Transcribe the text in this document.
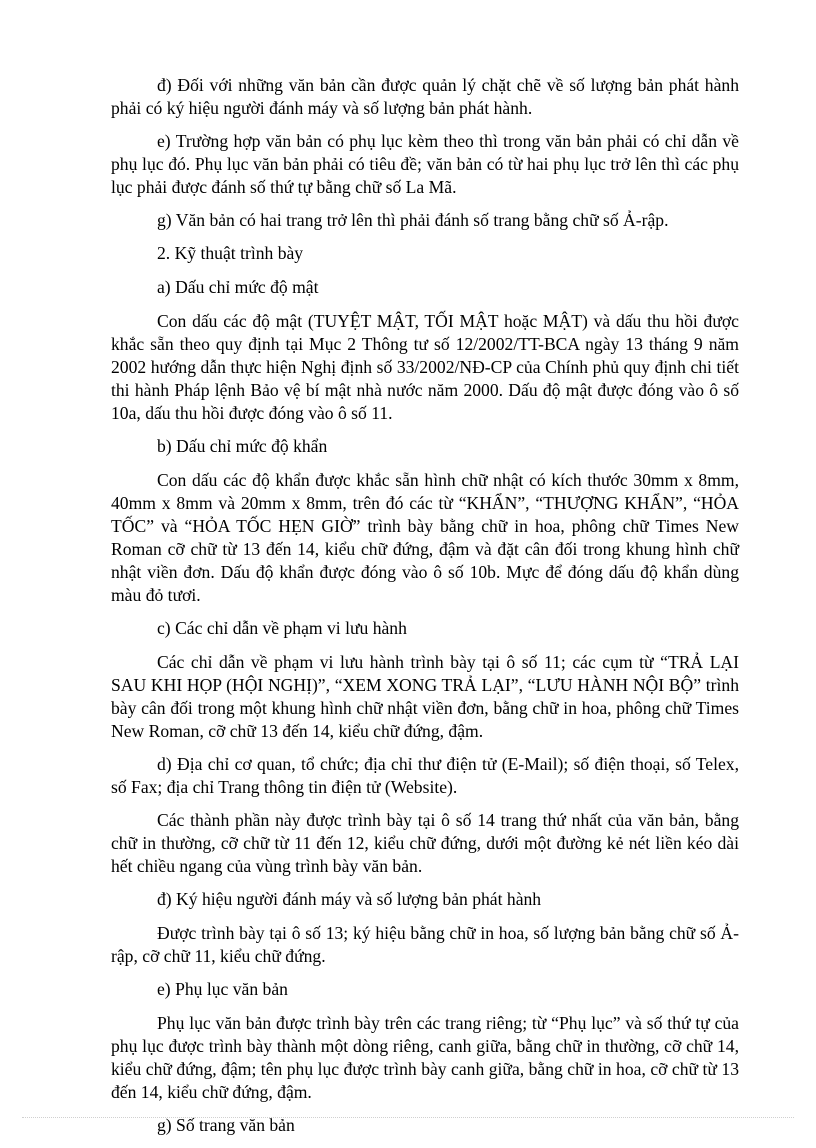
đ) Đối với những văn bản cần được quản lý chặt chẽ về số lượng bản phát hành phải có ký hiệu người đánh máy và số lượng bản phát hành.

e) Trường hợp văn bản có phụ lục kèm theo thì trong văn bản phải có chỉ dẫn về phụ lục đó. Phụ lục văn bản phải có tiêu đề; văn bản có từ hai phụ lục trở lên thì các phụ lục phải được đánh số thứ tự bằng chữ số La Mã.

g) Văn bản có hai trang trở lên thì phải đánh số trang bằng chữ số Ả-rập.

2. Kỹ thuật trình bày

a) Dấu chỉ mức độ mật

Con dấu các độ mật (TUYỆT MẬT, TỐI MẬT hoặc MẬT) và dấu thu hồi được khắc sẵn theo quy định tại Mục 2 Thông tư số 12/2002/TT-BCA ngày 13 tháng 9 năm 2002 hướng dẫn thực hiện Nghị định số 33/2002/NĐ-CP của Chính phủ quy định chi tiết thi hành Pháp lệnh Bảo vệ bí mật nhà nước năm 2000. Dấu độ mật được đóng vào ô số 10a, dấu thu hồi được đóng vào ô số 11.

b) Dấu chỉ mức độ khẩn

Con dấu các độ khẩn được khắc sẵn hình chữ nhật có kích thước 30mm x 8mm, 40mm x 8mm và 20mm x 8mm, trên đó các từ “KHẨN”, “THƯỢNG KHẨN”, “HỎA TỐC” và “HỎA TỐC HẸN GIỜ” trình bày bằng chữ in hoa, phông chữ Times New Roman cỡ chữ từ 13 đến 14, kiểu chữ đứng, đậm và đặt cân đối trong khung hình chữ nhật viền đơn. Dấu độ khẩn được đóng vào ô số 10b. Mực để đóng dấu độ khẩn dùng màu đỏ tươi.

c) Các chỉ dẫn về phạm vi lưu hành

Các chỉ dẫn về phạm vi lưu hành trình bày tại ô số 11; các cụm từ “TRẢ LẠI SAU KHI HỌP (HỘI NGHỊ)”, “XEM XONG TRẢ LẠI”, “LƯU HÀNH NỘI BỘ” trình bày cân đối trong một khung hình chữ nhật viền đơn, bằng chữ in hoa, phông chữ Times New Roman, cỡ chữ 13 đến 14, kiểu chữ đứng, đậm.

d) Địa chỉ cơ quan, tổ chức; địa chỉ thư điện tử (E-Mail); số điện thoại, số Telex, số Fax; địa chỉ Trang thông tin điện tử (Website).

Các thành phần này được trình bày tại ô số 14 trang thứ nhất của văn bản, bằng chữ in thường, cỡ chữ từ 11 đến 12, kiểu chữ đứng, dưới một đường kẻ nét liền kéo dài hết chiều ngang của vùng trình bày văn bản.

đ) Ký hiệu người đánh máy và số lượng bản phát hành

Được trình bày tại ô số 13; ký hiệu bằng chữ in hoa, số lượng bản bằng chữ số Ả-rập, cỡ chữ 11, kiểu chữ đứng.

e) Phụ lục văn bản

Phụ lục văn bản được trình bày trên các trang riêng; từ “Phụ lục” và số thứ tự của phụ lục được trình bày thành một dòng riêng, canh giữa, bằng chữ in thường, cỡ chữ 14, kiểu chữ đứng, đậm; tên phụ lục được trình bày canh giữa, bằng chữ in hoa, cỡ chữ từ 13 đến 14, kiểu chữ đứng, đậm.

g) Số trang văn bản
